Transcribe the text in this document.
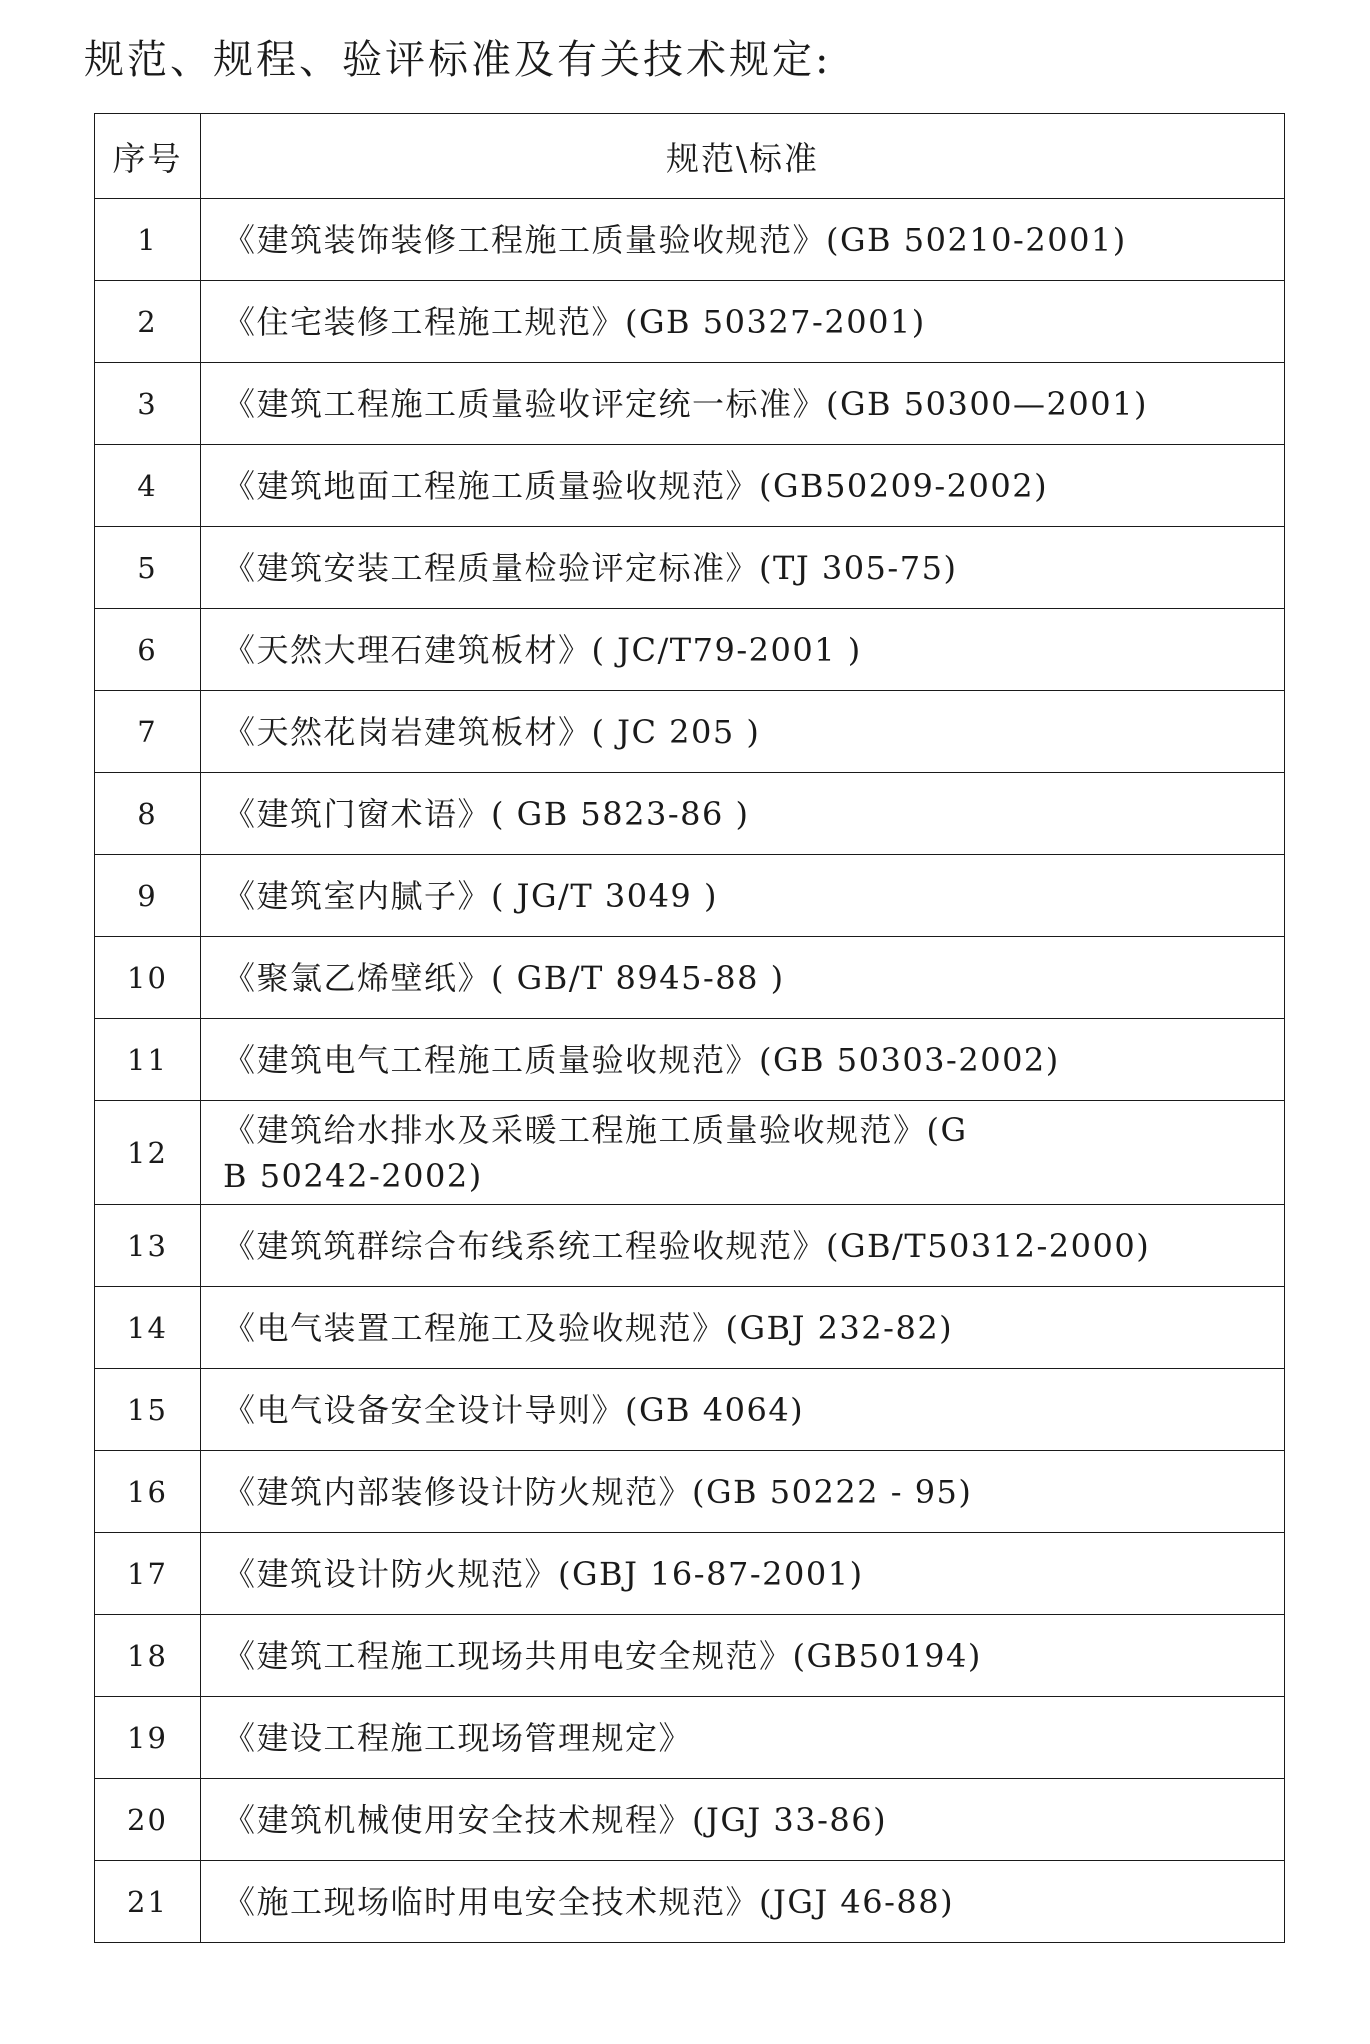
规范、规程、验评标准及有关技术规定:
序号	规范\标准
1	《建筑装饰装修工程施工质量验收规范》(GB 50210-2001)
2	《住宅装修工程施工规范》(GB 50327-2001)
3	《建筑工程施工质量验收评定统一标准》(GB 50300—2001)
4	《建筑地面工程施工质量验收规范》(GB50209-2002)
5	《建筑安装工程质量检验评定标准》(TJ 305-75)
6	《天然大理石建筑板材》( JC/T79-2001 )
7	《天然花岗岩建筑板材》( JC 205 )
8	《建筑门窗术语》( GB 5823-86 )
9	《建筑室内腻子》( JG/T 3049 )
10	《聚氯乙烯壁纸》( GB/T 8945-88 )
11	《建筑电气工程施工质量验收规范》(GB 50303-2002)
12	《建筑给水排水及采暖工程施工质量验收规范》(GB 50242-2002)
13	《建筑筑群综合布线系统工程验收规范》(GB/T50312-2000)
14	《电气装置工程施工及验收规范》(GBJ 232-82)
15	《电气设备安全设计导则》(GB 4064)
16	《建筑内部装修设计防火规范》(GB 50222 - 95)
17	《建筑设计防火规范》(GBJ 16-87-2001)
18	《建筑工程施工现场共用电安全规范》(GB50194)
19	《建设工程施工现场管理规定》
20	《建筑机械使用安全技术规程》(JGJ 33-86)
21	《施工现场临时用电安全技术规范》(JGJ 46-88)
